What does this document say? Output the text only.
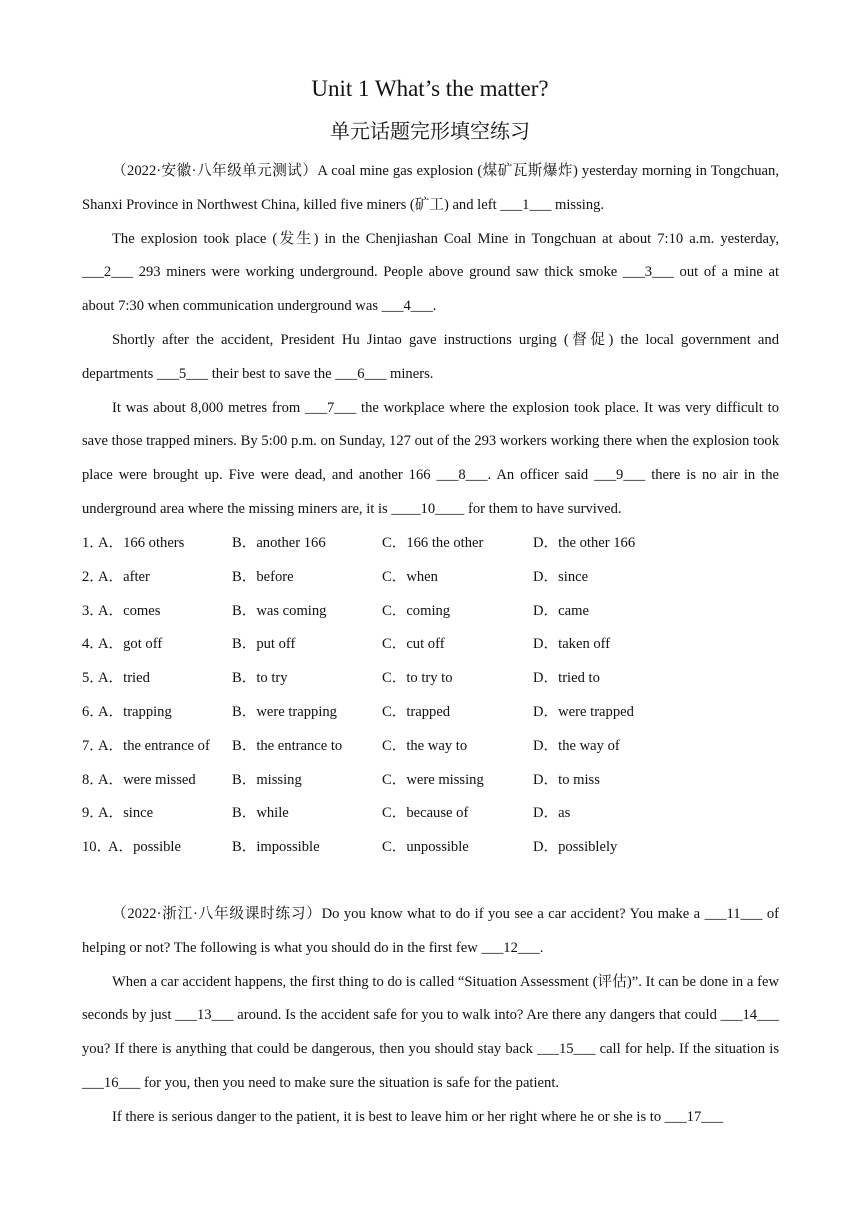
Unit 1 What’s the matter?
单元话题完形填空练习

（2022·安徽·八年级单元测试）A coal mine gas explosion (煤矿瓦斯爆炸) yesterday morning in Tongchuan, Shanxi Province in Northwest China, killed five miners (矿工) and left ___1___ missing.

The explosion took place (发生) in the Chenjiashan Coal Mine in Tongchuan at about 7:10 a.m. yesterday, ___2___ 293 miners were working underground. People above ground saw thick smoke ___3___ out of a mine at about 7:30 when communication underground was ___4___.

Shortly after the accident, President Hu Jintao gave instructions urging (督促) the local government and departments ___5___ their best to save the ___6___ miners.

It was about 8,000 metres from ___7___ the workplace where the explosion took place. It was very difficult to save those trapped miners. By 5:00 p.m. on Sunday, 127 out of the 293 workers working there when the explosion took place were brought up. Five were dead, and another 166 ___8___. An officer said ___9___ there is no air in the underground area where the missing miners are, it is ____10____ for them to have survived.

1．
A．166 others	B．another 166	C．166 the other	D．the other 166
2．
A．after	B．before	C．when	D．since
3．
A．comes	B．was coming	C．coming	D．came
4．
A．got off	B．put off	C．cut off	D．taken off
5．
A．tried	B．to try	C．to try to	D．tried to
6．
A．trapping	B．were trapping	C．trapped	D．were trapped
7．
A．the entrance of B．the entrance to	C．the way to	D．the way of
8．
A．were missed B．missing	C．were missing	D．to miss
9．
A．since	B．while	C．because of	D．as
10．
A．possible	B．impossible	C．unpossible	D．possiblely

（2022·浙江·八年级课时练习）Do you know what to do if you see a car accident? You make a ___11___ of helping or not? The following is what you should do in the first few ___12___.

When a car accident happens, the first thing to do is called “Situation Assessment (评估)”. It can be done in a few seconds by just ___13___ around. Is the accident safe for you to walk into? Are there any dangers that could ___14___ you? If there is anything that could be dangerous, then you should stay back ___15___ call for help. If the situation is ___16___ for you, then you need to make sure the situation is safe for the patient.

If there is serious danger to the patient, it is best to leave him or her right where he or she is to ___17___
